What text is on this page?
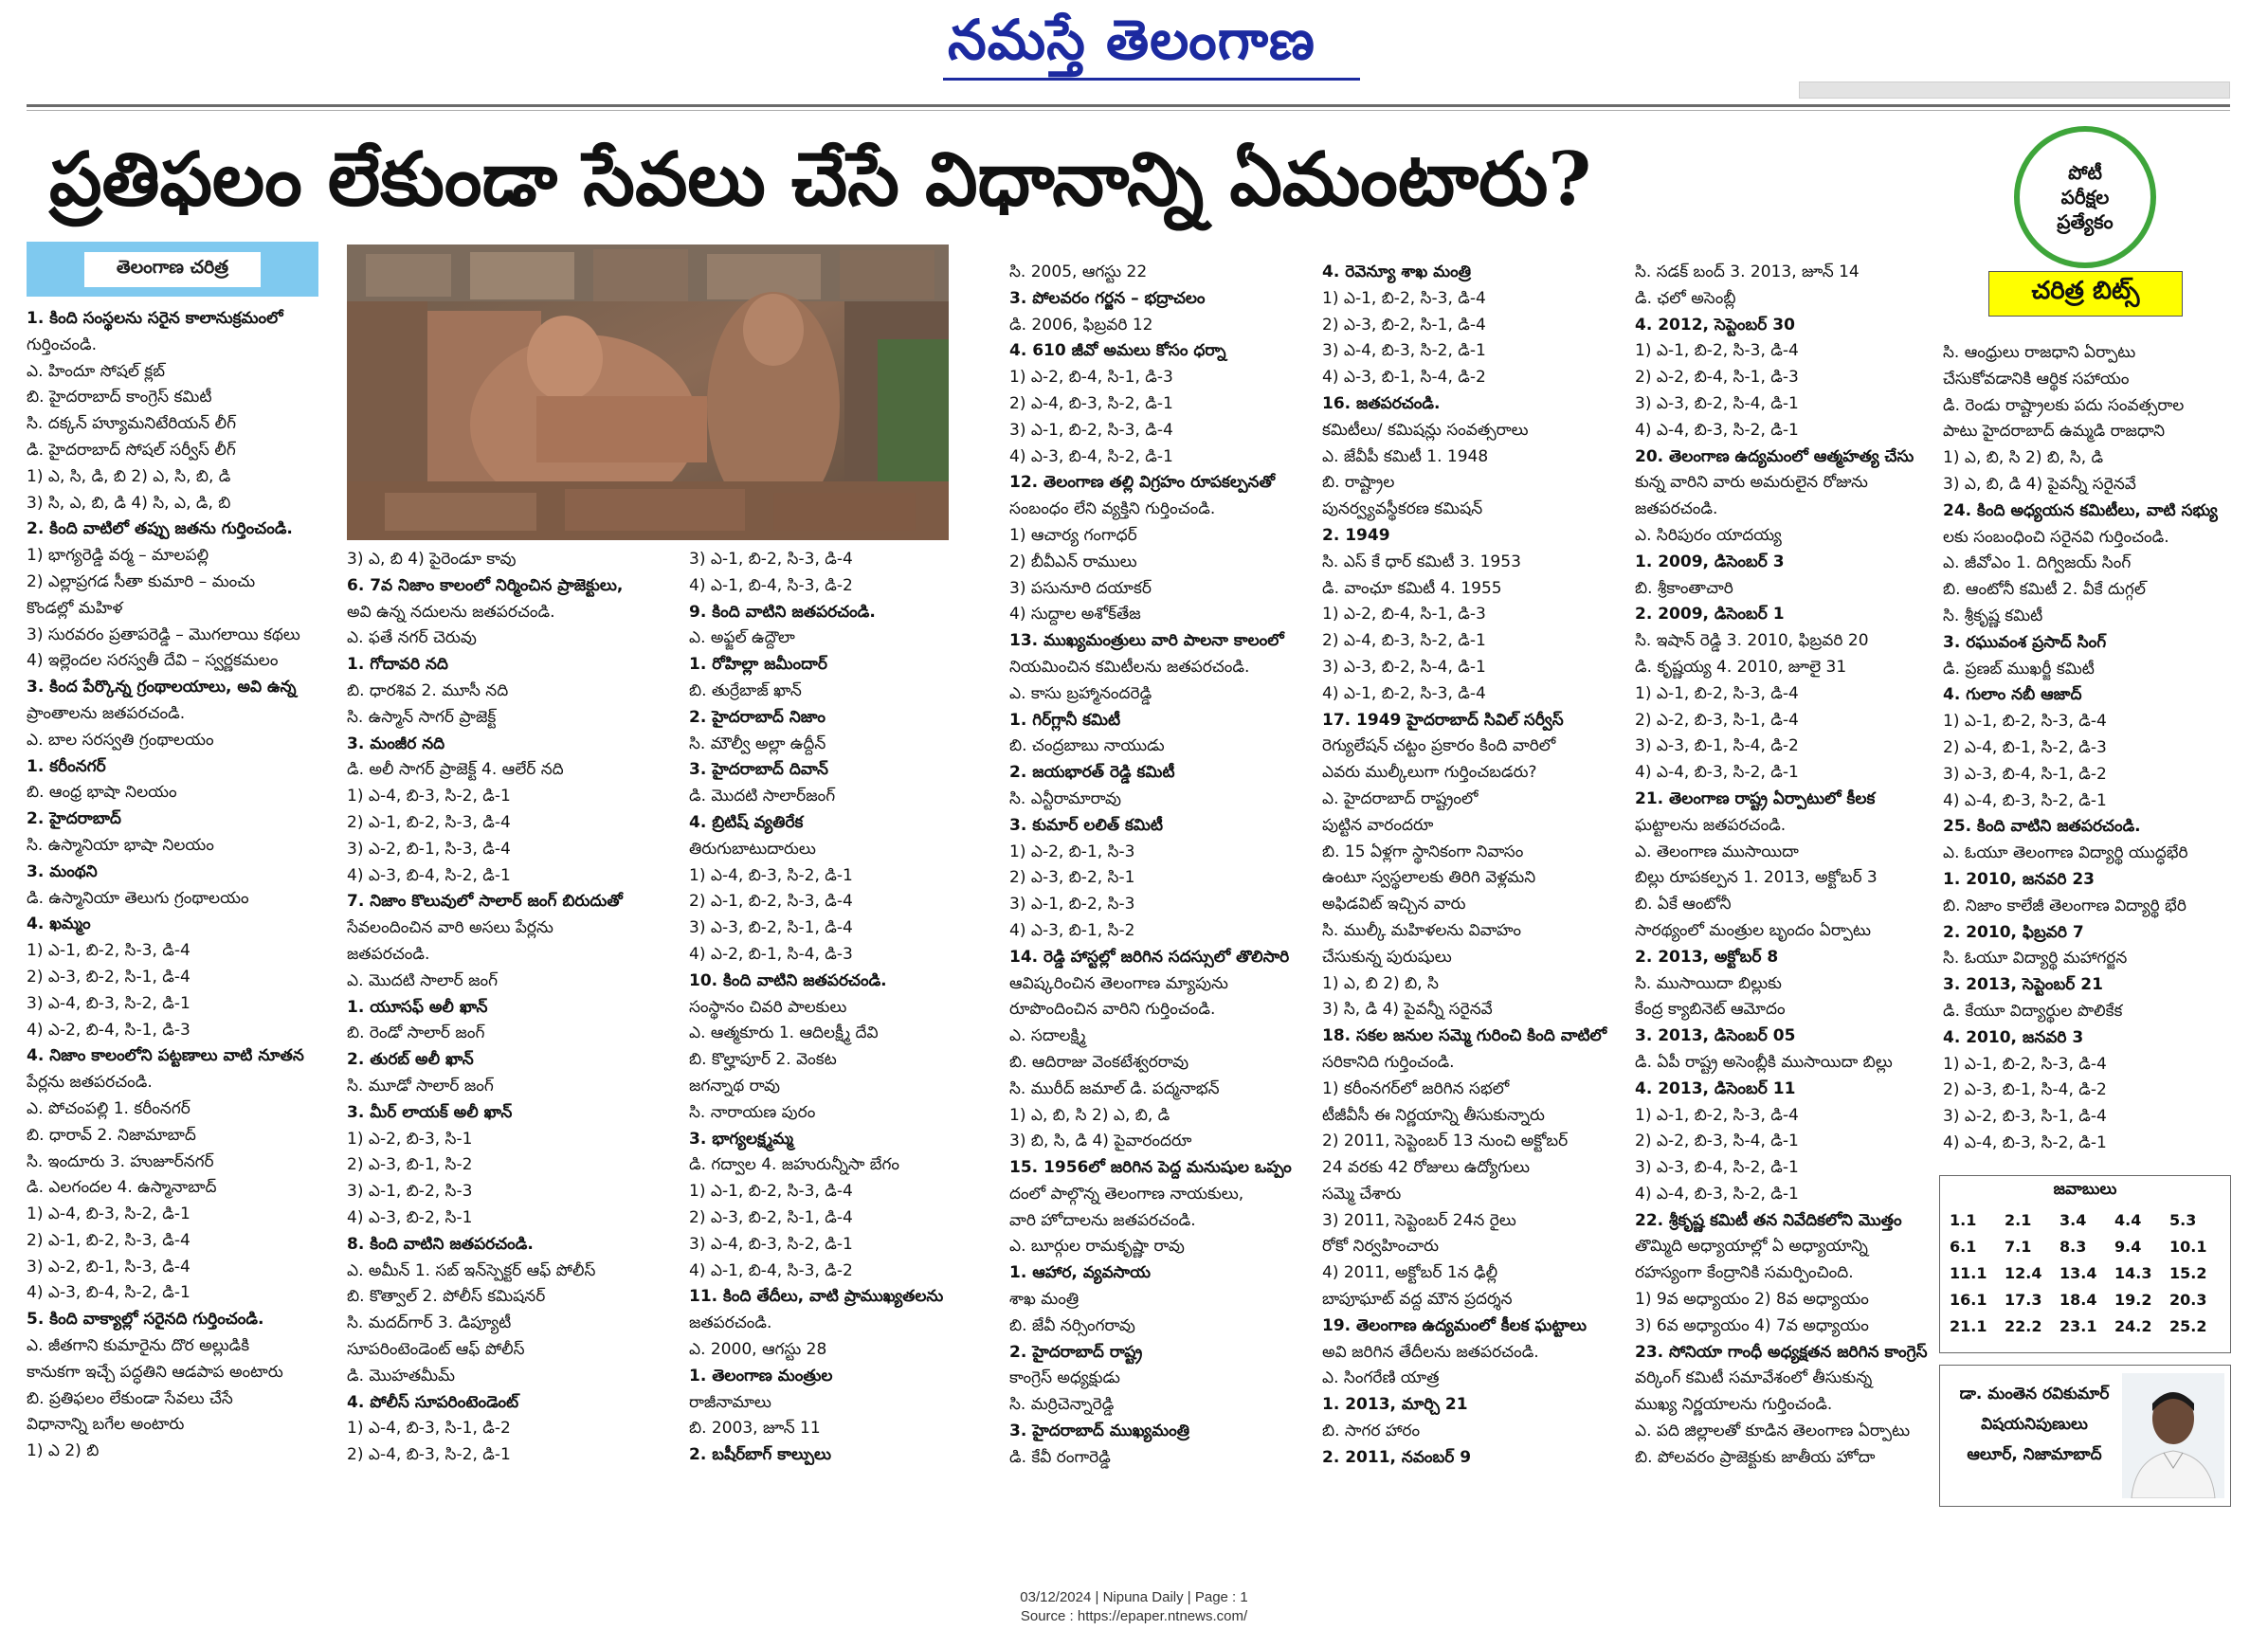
నమస్తే తెలంగాణ
ప్రతిఫలం లేకుండా సేవలు చేసే విధానాన్ని ఏమంటారు?	పోటీ
పరీక్షల
ప్రత్యేకం
చరిత్ర బిట్స్
తెలంగాణ చరిత్ర
1. కింది సంస్థలను సరైన కాలానుక్రమంలో
గుర్తించండి.
ఎ. హిందూ సోషల్ క్లబ్
బి. హైదరాబాద్ కాంగ్రెస్ కమిటీ
సి. దక్కన్ హ్యూమనిటేరియన్ లీగ్
డి. హైదరాబాద్ సోషల్ సర్వీస్ లీగ్
1) ఎ, సి, డి, బి 2) ఎ, సి, బి, డి
3) సి, ఎ, బి, డి 4) సి, ఎ, డి, బి
2. కింది వాటిలో తప్పు జతను గుర్తించండి.
1) భాగ్యరెడ్డి వర్మ – మాలపల్లి
2) ఎల్లాప్రగడ సీతా కుమారి – మంచు
కొండల్లో మహిళ
3) సురవరం ప్రతాపరెడ్డి – మొగలాయి కథలు
4) ఇల్లెందల సరస్వతీ దేవి – స్వర్ణకమలం
3. కింద పేర్కొన్న గ్రంథాలయాలు, అవి ఉన్న
ప్రాంతాలను జతపరచండి.
ఎ. బాల సరస్వతి గ్రంథాలయం
1. కరీంనగర్
బి. ఆంధ్ర భాషా నిలయం
2. హైదరాబాద్
సి. ఉస్మానియా భాషా నిలయం
3. మంథని
డి. ఉస్మానియా తెలుగు గ్రంథాలయం
4. ఖమ్మం
1) ఎ-1, బి-2, సి-3, డి-4
2) ఎ-3, బి-2, సి-1, డి-4
3) ఎ-4, బి-3, సి-2, డి-1
4) ఎ-2, బి-4, సి-1, డి-3
4. నిజాం కాలంలోని పట్టణాలు వాటి నూతన
పేర్లను జతపరచండి.
ఎ. పోచంపల్లి 1. కరీంనగర్
బి. ధారావ్ 2. నిజామాబాద్
సి. ఇందూరు 3. హుజూర్‌నగర్
డి. ఎలగందల 4. ఉస్మానాబాద్
1) ఎ-4, బి-3, సి-2, డి-1
2) ఎ-1, బి-2, సి-3, డి-4
3) ఎ-2, బి-1, సి-3, డి-4
4) ఎ-3, బి-4, సి-2, డి-1
5. కింది వాక్యాల్లో సరైనది గుర్తించండి.
ఎ. జీతగాని కుమారైను దొర అల్లుడికి
కానుకగా ఇచ్చే పద్ధతిని ఆడపాప అంటారు
బి. ప్రతిఫలం లేకుండా సేవలు చేసే
విధానాన్ని బగేల అంటారు
1) ఎ 2) బి
3) ఎ, బి 4) పైరెండూ కావు
6. 7వ నిజాం కాలంలో నిర్మించిన ప్రాజెక్టులు,
అవి ఉన్న నదులను జతపరచండి.
ఎ. ఫతే నగర్ చెరువు
1. గోదావరి నది
బి. ధారశివ 2. మూసీ నది
సి. ఉస్మాన్ సాగర్ ప్రాజెక్ట్
3. మంజీర నది
డి. అలీ సాగర్ ప్రాజెక్ట్ 4. ఆలేర్ నది
1) ఎ-4, బి-3, సి-2, డి-1
2) ఎ-1, బి-2, సి-3, డి-4
3) ఎ-2, బి-1, సి-3, డి-4
4) ఎ-3, బి-4, సి-2, డి-1
7. నిజాం కొలువులో సాలార్ జంగ్ బిరుదుతో
సేవలందించిన వారి అసలు పేర్లను
జతపరచండి.
ఎ. మొదటి సాలార్ జంగ్
1. యూసఫ్ అలీ ఖాన్
బి. రెండో సాలార్ జంగ్
2. తురబ్ అలీ ఖాన్
సి. మూడో సాలార్ జంగ్
3. మీర్ లాయక్ అలీ ఖాన్
1) ఎ-2, బి-3, సి-1
2) ఎ-3, బి-1, సి-2
3) ఎ-1, బి-2, సి-3
4) ఎ-3, బి-2, సి-1
8. కింది వాటిని జతపరచండి.
ఎ. అమీన్ 1. సబ్ ఇన్‌స్పెక్టర్ ఆఫ్ పోలీస్
బి. కొత్వాల్ 2. పోలీస్ కమిషనర్
సి. మదద్‌గార్ 3. డిప్యూటీ
సూపరింటెండెంట్ ఆఫ్ పోలీస్
డి. మొహతమీమ్
4. పోలీస్ సూపరింటెండెంట్
1) ఎ-4, బి-3, సి-1, డి-2
2) ఎ-4, బి-3, సి-2, డి-1
3) ఎ-1, బి-2, సి-3, డి-4
4) ఎ-1, బి-4, సి-3, డి-2
9. కింది వాటిని జతపరచండి.
ఎ. అఫ్జల్ ఉద్దౌలా
1. రోహిల్లా జమీందార్
బి. తుర్రేబాజ్ ఖాన్
2. హైదరాబాద్ నిజాం
సి. మౌల్వీ అల్లా ఉద్దీన్
3. హైదరాబాద్ దివాన్
డి. మొదటి సాలార్‌జంగ్
4. బ్రిటిష్ వ్యతిరేక
తిరుగుబాటుదారులు
1) ఎ-4, బి-3, సి-2, డి-1
2) ఎ-1, బి-2, సి-3, డి-4
3) ఎ-3, బి-2, సి-1, డి-4
4) ఎ-2, బి-1, సి-4, డి-3
10. కింది వాటిని జతపరచండి.
సంస్థానం చివరి పాలకులు
ఎ. ఆత్మకూరు 1. ఆదిలక్ష్మీ దేవి
బి. కొల్హాపూర్ 2. వెంకట
జగన్నాథ రావు
సి. నారాయణ పురం
3. భాగ్యలక్ష్మమ్మ
డి. గద్వాల 4. జహురున్నీసా బేగం
1) ఎ-1, బి-2, సి-3, డి-4
2) ఎ-3, బి-2, సి-1, డి-4
3) ఎ-4, బి-3, సి-2, డి-1
4) ఎ-1, బి-4, సి-3, డి-2
11. కింది తేదీలు, వాటి ప్రాముఖ్యతలను
జతపరచండి.
ఎ. 2000, ఆగస్టు 28
1. తెలంగాణ మంత్రుల
రాజీనామాలు
బి. 2003, జూన్ 11
2. బషీర్‌బాగ్ కాల్పులు
సి. 2005, ఆగస్టు 22
3. పోలవరం గర్జన – భద్రాచలం
డి. 2006, ఫిబ్రవరి 12
4. 610 జీవో అమలు కోసం ధర్నా
1) ఎ-2, బి-4, సి-1, డి-3
2) ఎ-4, బి-3, సి-2, డి-1
3) ఎ-1, బి-2, సి-3, డి-4
4) ఎ-3, బి-4, సి-2, డి-1
12. తెలంగాణ తల్లి విగ్రహం రూపకల్పనతో
సంబంధం లేని వ్యక్తిని గుర్తించండి.
1) ఆచార్య గంగాధర్
2) బీవీఎన్ రాములు
3) పసునూరి దయాకర్
4) సుద్దాల అశోక్‌తేజ
13. ముఖ్యమంత్రులు వారి పాలనా కాలంలో
నియమించిన కమిటీలను జతపరచండి.
ఎ. కాసు బ్రహ్మానందరెడ్డి
1. గిర్‌గ్లానీ కమిటీ
బి. చంద్రబాబు నాయుడు
2. జయభారత్ రెడ్డి కమిటీ
సి. ఎన్టీరామారావు
3. కుమార్ లలిత్ కమిటీ
1) ఎ-2, బి-1, సి-3
2) ఎ-3, బి-2, సి-1
3) ఎ-1, బి-2, సి-3
4) ఎ-3, బి-1, సి-2
14. రెడ్డి హాస్టల్లో జరిగిన సదస్సులో తొలిసారి
ఆవిష్కరించిన తెలంగాణ మ్యాపును
రూపొందించిన వారిని గుర్తించండి.
ఎ. సదాలక్ష్మి
బి. ఆదిరాజు వెంకటేశ్వరరావు
సి. మురీద్ జమాల్ డి. పద్మనాభన్
1) ఎ, బి, సి 2) ఎ, బి, డి
3) బి, సి, డి 4) పైవారందరూ
15. 1956లో జరిగిన పెద్ద మనుషుల ఒప్పం
దంలో పాల్గొన్న తెలంగాణ నాయకులు,
వారి హోదాలను జతపరచండి.
ఎ. బూర్గుల రామకృష్ణా రావు
1. ఆహార, వ్యవసాయ
శాఖ మంత్రి
బి. జేవీ నర్సింగరావు
2. హైదరాబాద్ రాష్ట్ర
కాంగ్రెస్ అధ్యక్షుడు
సి. మర్రిచెన్నారెడ్డి
3. హైదరాబాద్ ముఖ్యమంత్రి
డి. కేవీ రంగారెడ్డి
4. రెవెన్యూ శాఖ మంత్రి
1) ఎ-1, బి-2, సి-3, డి-4
2) ఎ-3, బి-2, సి-1, డి-4
3) ఎ-4, బి-3, సి-2, డి-1
4) ఎ-3, బి-1, సి-4, డి-2
16. జతపరచండి.
కమిటీలు/ కమిషన్లు సంవత్సరాలు
ఎ. జేవీపీ కమిటీ 1. 1948
బి. రాష్ట్రాల
పునర్వ్యవస్థీకరణ కమిషన్
2. 1949
సి. ఎస్ కే ధార్ కమిటీ 3. 1953
డి. వాంఛూ కమిటీ 4. 1955
1) ఎ-2, బి-4, సి-1, డి-3
2) ఎ-4, బి-3, సి-2, డి-1
3) ఎ-3, బి-2, సి-4, డి-1
4) ఎ-1, బి-2, సి-3, డి-4
17. 1949 హైదరాబాద్ సివిల్ సర్వీస్
రెగ్యులేషన్ చట్టం ప్రకారం కింది వారిలో
ఎవరు ముల్కీలుగా గుర్తించబడరు?
ఎ. హైదరాబాద్ రాష్ట్రంలో
పుట్టిన వారందరూ
బి. 15 ఏళ్లగా స్థానికంగా నివాసం
ఉంటూ స్వస్థలాలకు తిరిగి వెళ్లమని
అఫిడవిట్ ఇచ్చిన వారు
సి. ముల్కీ మహిళలను వివాహం
చేసుకున్న పురుషులు
1) ఎ, బి 2) బి, సి
3) సి, డి 4) పైవన్నీ సరైనవే
18. సకల జనుల సమ్మె గురించి కింది వాటిలో
సరికానిది గుర్తించండి.
1) కరీంనగర్‌లో జరిగిన సభలో
టీజీవీసీ ఈ నిర్ణయాన్ని తీసుకున్నారు
2) 2011, సెప్టెంబర్ 13 నుంచి అక్టోబర్
24 వరకు 42 రోజులు ఉద్యోగులు
సమ్మె చేశారు
3) 2011, సెప్టెంబర్ 24న రైలు
రోకో నిర్వహించారు
4) 2011, అక్టోబర్ 1న ఢిల్లీ
బాపూఘాట్ వద్ద మౌన ప్రదర్శన
19. తెలంగాణ ఉద్యమంలో కీలక ఘట్టాలు
అవి జరిగిన తేదీలను జతపరచండి.
ఎ. సింగరేణి యాత్ర
1. 2013, మార్చి 21
బి. సాగర హారం
2. 2011, నవంబర్ 9
సి. సడక్ బంద్ 3. 2013, జూన్ 14
డి. ఛలో అసెంబ్లీ
4. 2012, సెప్టెంబర్ 30
1) ఎ-1, బి-2, సి-3, డి-4
2) ఎ-2, బి-4, సి-1, డి-3
3) ఎ-3, బి-2, సి-4, డి-1
4) ఎ-4, బి-3, సి-2, డి-1
20. తెలంగాణ ఉద్యమంలో ఆత్మహత్య చేసు
కున్న వారిని వారు అమరులైన రోజును
జతపరచండి.
ఎ. సిరిపురం యాదయ్య
1. 2009, డిసెంబర్ 3
బి. శ్రీకాంతాచారి
2. 2009, డిసెంబర్ 1
సి. ఇషాన్ రెడ్డి 3. 2010, ఫిబ్రవరి 20
డి. కృష్ణయ్య 4. 2010, జూలై 31
1) ఎ-1, బి-2, సి-3, డి-4
2) ఎ-2, బి-3, సి-1, డి-4
3) ఎ-3, బి-1, సి-4, డి-2
4) ఎ-4, బి-3, సి-2, డి-1
21. తెలంగాణ రాష్ట్ర ఏర్పాటులో కీలక
ఘట్టాలను జతపరచండి.
ఎ. తెలంగాణ ముసాయిదా
బిల్లు రూపకల్పన 1. 2013, అక్టోబర్ 3
బి. ఏకే ఆంటోనీ
సారథ్యంలో మంత్రుల బృందం ఏర్పాటు
2. 2013, అక్టోబర్ 8
సి. ముసాయిదా బిల్లుకు
కేంద్ర క్యాబినెట్ ఆమోదం
3. 2013, డిసెంబర్ 05
డి. ఏపీ రాష్ట్ర అసెంబ్లీకి ముసాయిదా బిల్లు
4. 2013, డిసెంబర్ 11
1) ఎ-1, బి-2, సి-3, డి-4
2) ఎ-2, బి-3, సి-4, డి-1
3) ఎ-3, బి-4, సి-2, డి-1
4) ఎ-4, బి-3, సి-2, డి-1
22. శ్రీకృష్ణ కమిటీ తన నివేదికలోని మొత్తం
తొమ్మిది అధ్యాయాల్లో ఏ అధ్యాయాన్ని
రహస్యంగా కేంద్రానికి సమర్పించింది.
1) 9వ అధ్యాయం 2) 8వ అధ్యాయం
3) 6వ అధ్యాయం 4) 7వ అధ్యాయం
23. సోనియా గాంధీ అధ్యక్షతన జరిగిన కాంగ్రెస్
వర్కింగ్ కమిటీ సమావేశంలో తీసుకున్న
ముఖ్య నిర్ణయాలను గుర్తించండి.
ఎ. పది జిల్లాలతో కూడిన తెలంగాణ ఏర్పాటు
బి. పోలవరం ప్రాజెక్టుకు జాతీయ హోదా
సి. ఆంధ్రులు రాజధాని ఏర్పాటు
చేసుకోవడానికి ఆర్థిక సహాయం
డి. రెండు రాష్ట్రాలకు పదు సంవత్సరాల
పాటు హైదరాబాద్ ఉమ్మడి రాజధాని
1) ఎ, బి, సి 2) బి, సి, డి
3) ఎ, బి, డి 4) పైవన్నీ సరైనవే
24. కింది అధ్యయన కమిటీలు, వాటి సభ్యు
లకు సంబంధించి సరైనవి గుర్తించండి.
ఎ. జీవోఎం 1. దిగ్విజయ్ సింగ్
బి. ఆంటోనీ కమిటీ 2. వీకే దుగ్గల్
సి. శ్రీకృష్ణ కమిటీ
3. రఘువంశ ప్రసాద్ సింగ్
డి. ప్రణబ్ ముఖర్జీ కమిటీ
4. గులాం నబీ ఆజాద్
1) ఎ-1, బి-2, సి-3, డి-4
2) ఎ-4, బి-1, సి-2, డి-3
3) ఎ-3, బి-4, సి-1, డి-2
4) ఎ-4, బి-3, సి-2, డి-1
25. కింది వాటిని జతపరచండి.
ఎ. ఓయూ తెలంగాణ విద్యార్థి యుద్ధభేరి
1. 2010, జనవరి 23
బి. నిజాం కాలేజీ తెలంగాణ విద్యార్థి భేరి
2. 2010, ఫిబ్రవరి 7
సి. ఓయూ విద్యార్థి మహాగర్జన
3. 2013, సెప్టెంబర్ 21
డి. కేయూ విద్యార్థుల పొలికేక
4. 2010, జనవరి 3
1) ఎ-1, బి-2, సి-3, డి-4
2) ఎ-3, బి-1, సి-4, డి-2
3) ఎ-2, బి-3, సి-1, డి-4
4) ఎ-4, బి-3, సి-2, డి-1
జవాబులు
1.1	2.1	3.4	4.4	5.3
6.1	7.1	8.3	9.4	10.1
11.1	12.4	13.4	14.3	15.2
16.1	17.3	18.4	19.2	20.3
21.1	22.2	23.1	24.2	25.2
డా. మంతెన రవికుమార్
విషయనిపుణులు
ఆలూర్, నిజామాబాద్
03/12/2024 | Nipuna Daily | Page : 1
Source : https://epaper.ntnews.com/
